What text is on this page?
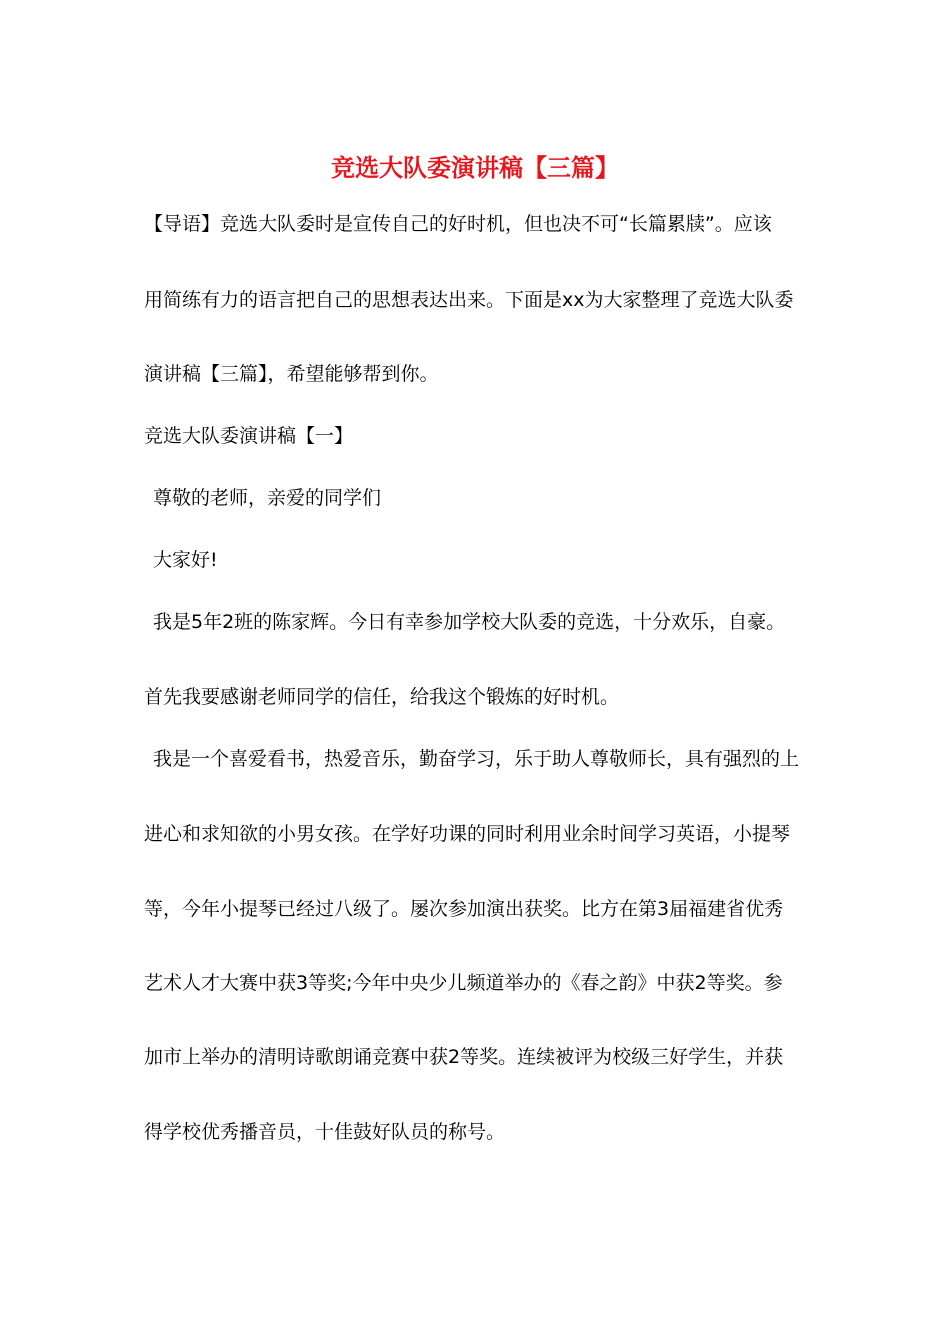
竞选大队委演讲稿【三篇】
【导语】竞选大队委时是宣传自己的好时机，但也决不可“长篇累牍”。应该
用简练有力的语言把自己的思想表达出来。下面是xx为大家整理了竞选大队委
演讲稿【三篇】，希望能够帮到你。
竞选大队委演讲稿【一】
尊敬的老师，亲爱的同学们
大家好!
我是5年2班的陈家辉。今日有幸参加学校大队委的竞选，十分欢乐，自豪。
首先我要感谢老师同学的信任，给我这个锻炼的好时机。
我是一个喜爱看书，热爱音乐，勤奋学习，乐于助人尊敬师长，具有强烈的上
进心和求知欲的小男女孩。在学好功课的同时利用业余时间学习英语，小提琴
等，今年小提琴已经过八级了。屡次参加演出获奖。比方在第3届福建省优秀
艺术人才大赛中获3等奖;今年中央少儿频道举办的《春之韵》中获2等奖。参
加市上举办的清明诗歌朗诵竞赛中获2等奖。连续被评为校级三好学生，并获
得学校优秀播音员，十佳鼓好队员的称号。
